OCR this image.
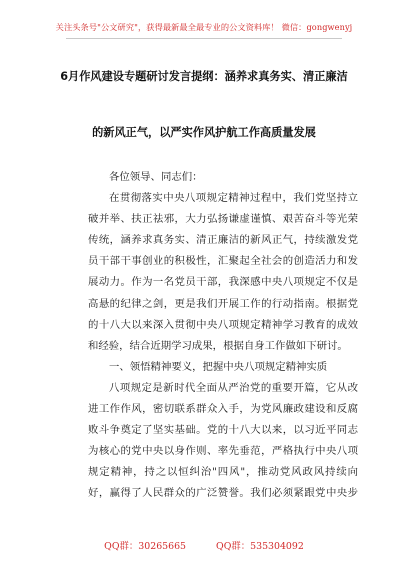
关注头条号"公文研究"，获得最新最全最专业的公文资料库！ 微信：gongwenyj
6月作风建设专题研讨发言提纲：涵养求真务实、清正廉洁
的新风正气，以严实作风护航工作高质量发展
各位领导、同志们：
在贯彻落实中央八项规定精神过程中，我们党坚持立
破并举、扶正祛邪，大力弘扬谦虚谨慎、艰苦奋斗等光荣
传统，涵养求真务实、清正廉洁的新风正气，持续激发党
员干部干事创业的积极性，汇聚起全社会的创造活力和发
展动力。作为一名党员干部，我深感中央八项规定不仅是
高悬的纪律之剑，更是我们开展工作的行动指南。根据党
的十八大以来深入贯彻中央八项规定精神学习教育的成效
和经验，结合近期学习成果，根据自身工作做如下研讨。
一、领悟精神要义，把握中央八项规定精神实质
八项规定是新时代全面从严治党的重要开篇，它从改
进工作作风，密切联系群众入手，为党风廉政建设和反腐
败斗争奠定了坚实基础。党的十八大以来，以习近平同志
为核心的党中央以身作则、率先垂范，严格执行中央八项
规定精神，持之以恒纠治"四风"，推动党风政风持续向
好，赢得了人民群众的广泛赞誉。我们必须紧跟党中央步
QQ群：30265665	QQ群：535304092
